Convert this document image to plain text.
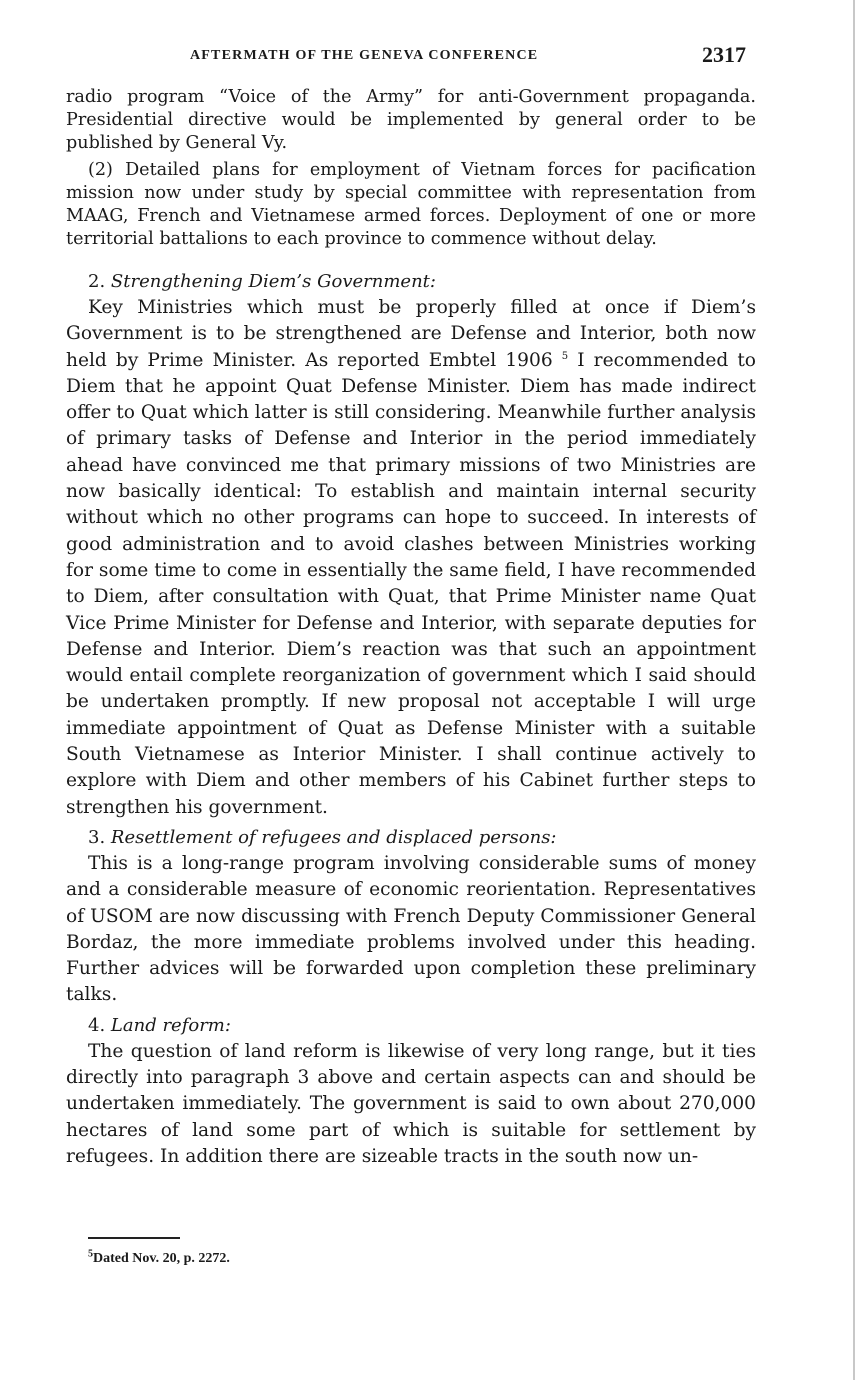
AFTERMATH OF THE GENEVA CONFERENCE	2317

radio program “Voice of the Army” for anti-Government propaganda. Presidential directive would be implemented by general order to be published by General Vy.

(2) Detailed plans for employment of Vietnam forces for pacification mission now under study by special committee with representation from MAAG, French and Vietnamese armed forces. Deployment of one or more territorial battalions to each province to commence without delay.

2. Strengthening Diem’s Government:

Key Ministries which must be properly filled at once if Diem’s Government is to be strengthened are Defense and Interior, both now held by Prime Minister. As reported Embtel 1906 $^5$ I recommended to Diem that he appoint Quat Defense Minister. Diem has made indirect offer to Quat which latter is still considering. Meanwhile further analysis of primary tasks of Defense and Interior in the period immediately ahead have convinced me that primary missions of two Ministries are now basically identical: To establish and maintain internal security without which no other programs can hope to succeed. In interests of good administration and to avoid clashes between Ministries working for some time to come in essentially the same field, I have recommended to Diem, after consultation with Quat, that Prime Minister name Quat Vice Prime Minister for Defense and Interior, with separate deputies for Defense and Interior. Diem’s reaction was that such an appointment would entail complete reorganization of government which I said should be undertaken promptly. If new proposal not acceptable I will urge immediate appointment of Quat as Defense Minister with a suitable South Vietnamese as Interior Minister. I shall continue actively to explore with Diem and other members of his Cabinet further steps to strengthen his government.

3. Resettlement of refugees and displaced persons:

This is a long-range program involving considerable sums of money and a considerable measure of economic reorientation. Representatives of USOM are now discussing with French Deputy Commissioner General Bordaz, the more immediate problems involved under this heading. Further advices will be forwarded upon completion these preliminary talks.

4. Land reform:

The question of land reform is likewise of very long range, but it ties directly into paragraph 3 above and certain aspects can and should be undertaken immediately. The government is said to own about 270,000 hectares of land some part of which is suitable for settlement by refugees. In addition there are sizeable tracts in the south now un-

$^5$Dated Nov. 20, p. 2272.
